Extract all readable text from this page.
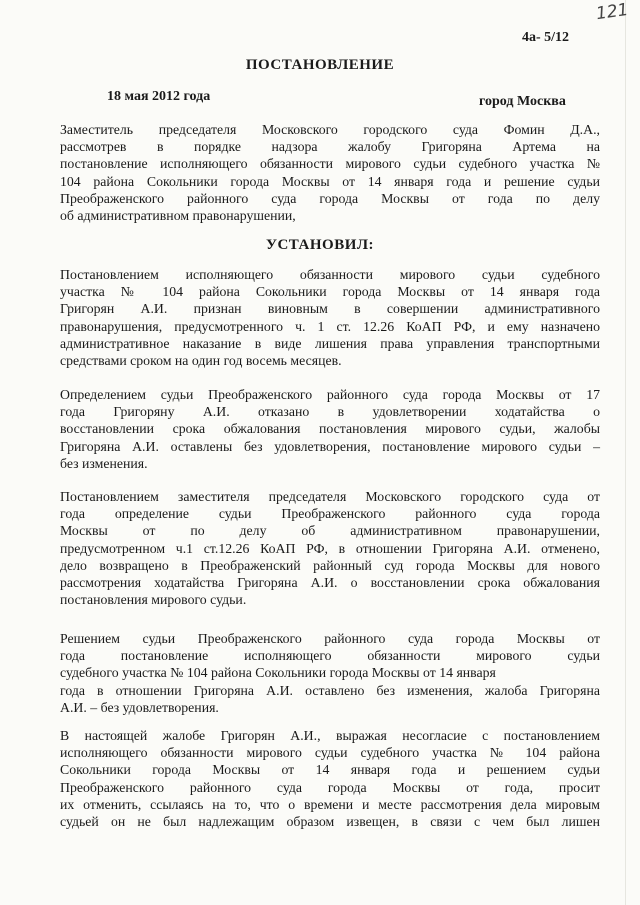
121
4а- 5/12
ПОСТАНОВЛЕНИЕ
18 мая 2012 года	город Москва
Заместитель председателя Московского городского суда Фомин Д.А.,
рассмотрев в порядке надзора жалобу Григоряна Артема на
постановление исполняющего обязанности мирового судьи судебного участка №
104 района Сокольники города Москвы от 14 января года и решение судьи
Преображенского районного суда города Москвы от года по делу
об административном правонарушении,
УСТАНОВИЛ:
Постановлением исполняющего обязанности мирового судьи судебного
участка № 104 района Сокольники города Москвы от 14 января года
Григорян А.И. признан виновным в совершении административного
правонарушения, предусмотренного ч. 1 ст. 12.26 КоАП РФ, и ему назначено
административное наказание в виде лишения права управления транспортными
средствами сроком на один год восемь месяцев.
Определением судьи Преображенского районного суда города Москвы от 17
года Григоряну А.И. отказано в удовлетворении ходатайства о
восстановлении срока обжалования постановления мирового судьи, жалобы
Григоряна А.И. оставлены без удовлетворения, постановление мирового судьи –
без изменения.
Постановлением заместителя председателя Московского городского суда от
года определение судьи Преображенского районного суда города
Москвы от по делу об административном правонарушении,
предусмотренном ч.1 ст.12.26 КоАП РФ, в отношении Григоряна А.И. отменено,
дело возвращено в Преображенский районный суд города Москвы для нового
рассмотрения ходатайства Григоряна А.И. о восстановлении срока обжалования
постановления мирового судьи.
Решением судьи Преображенского районного суда города Москвы от
года постановление исполняющего обязанности мирового судьи
судебного участка № 104 района Сокольники города Москвы от 14 января
года в отношении Григоряна А.И. оставлено без изменения, жалоба Григоряна
А.И. – без удовлетворения.
В настоящей жалобе Григорян А.И., выражая несогласие с постановлением
исполняющего обязанности мирового судьи судебного участка № 104 района
Сокольники города Москвы от 14 января года и решением судьи
Преображенского районного суда города Москвы от года, просит
их отменить, ссылаясь на то, что о времени и месте рассмотрения дела мировым
судьей он не был надлежащим образом извещен, в связи с чем был лишен
